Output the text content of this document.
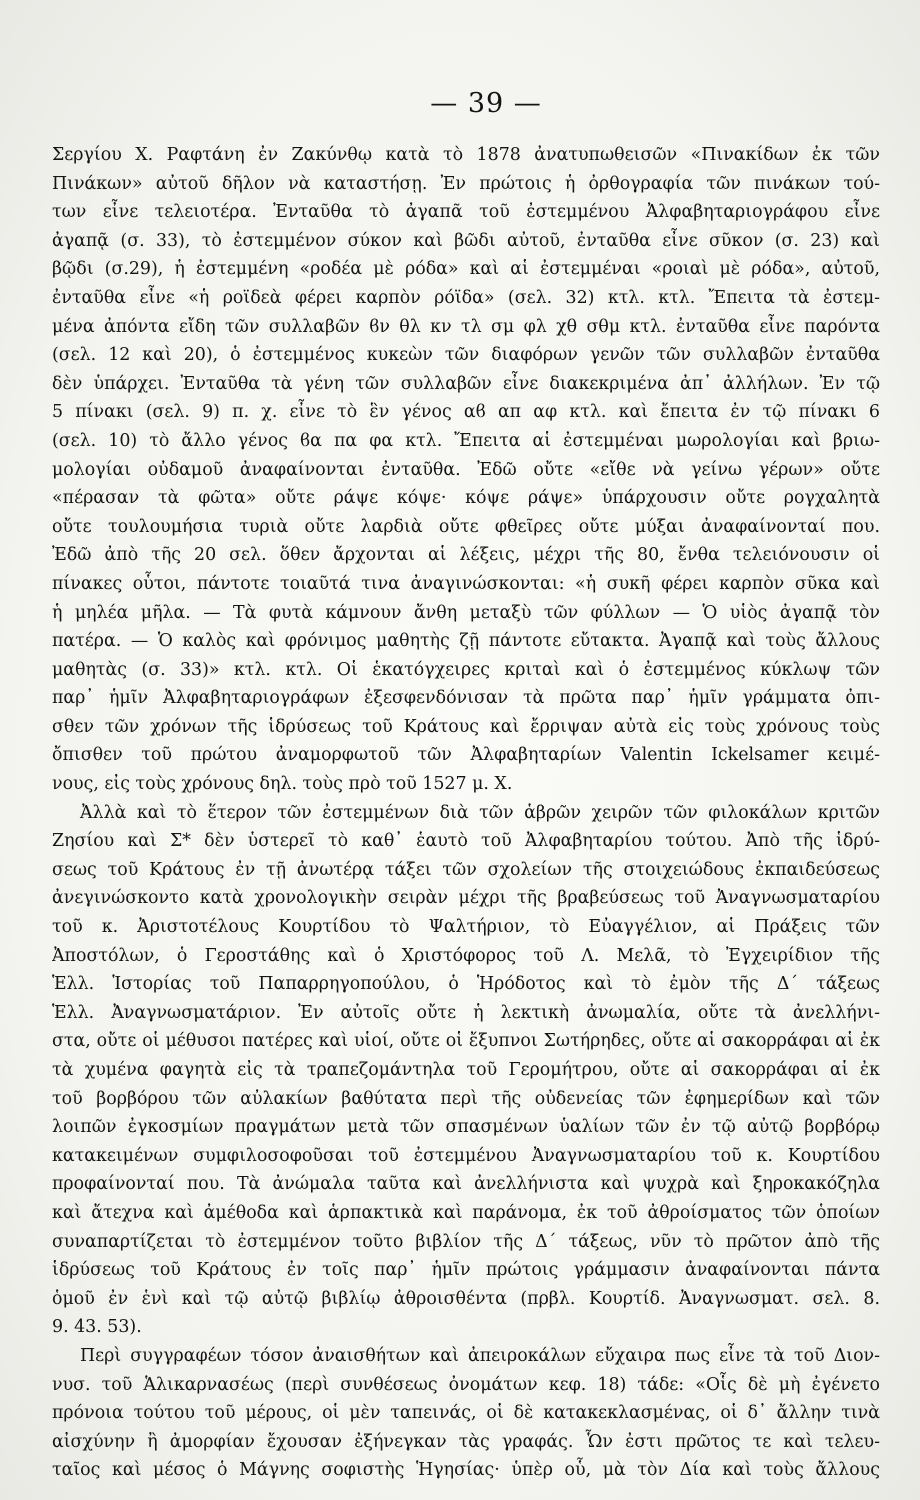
— 39 —
Σεργίου Χ. Ραφτάνη ἐν Ζακύνθῳ κατὰ τὸ 1878 ἀνατυπωθεισῶν «Πινακίδων ἐκ τῶν
Πινάκων» αὐτοῦ δῆλον νὰ καταστήσῃ. Ἐν πρώτοις ἡ ὀρθογραφία τῶν πινάκων τού-
των εἶνε τελειοτέρα. Ἐνταῦθα τὸ ἀγαπᾶ τοῦ ἐστεμμένου Ἀλφαβηταριογράφου εἶνε
ἀγαπᾷ (σ. 33), τὸ ἐστεμμένον σύκον καὶ βῶδι αὐτοῦ, ἐνταῦθα εἶνε σῦκον (σ. 23) καὶ
βῷδι (σ.29), ἡ ἐστεμμένη «ροδέα μὲ ρόδα» καὶ αἱ ἐστεμμέναι «ροιαὶ μὲ ρόδα», αὐτοῦ,
ἐνταῦθα εἶνε «ἡ ροϊδεὰ φέρει καρπὸν ρόϊδα» (σελ. 32) κτλ. κτλ. Ἔπειτα τὰ ἐστεμ-
μένα ἀπόντα εἴδη τῶν συλλαβῶν ϐν θλ κν τλ σμ φλ χθ σθμ κτλ. ἐνταῦθα εἶνε παρόντα
(σελ. 12 καὶ 20), ὁ ἐστεμμένος κυκεὼν τῶν διαφόρων γενῶν τῶν συλλαβῶν ἐνταῦθα
δὲν ὑπάρχει. Ἐνταῦθα τὰ γένη τῶν συλλαβῶν εἶνε διακεκριμένα ἀπ᾽ ἀλλήλων. Ἐν τῷ
5 πίνακι (σελ. 9) π. χ. εἶνε τὸ ἓν γένος αϐ απ αφ κτλ. καὶ ἔπειτα ἐν τῷ πίνακι 6
(σελ. 10) τὸ ἄλλο γένος ϐα πα φα κτλ. Ἔπειτα αἱ ἐστεμμέναι μωρολογίαι καὶ βριω-
μολογίαι οὐδαμοῦ ἀναφαίνονται ἐνταῦθα. Ἐδῶ οὔτε «εἴθε νὰ γείνω γέρων» οὔτε
«πέρασαν τὰ φῶτα» οὔτε ράψε κόψε· κόψε ράψε» ὑπάρχουσιν οὔτε ρογχαλητὰ
οὔτε τουλουμήσια τυριὰ οὔτε λαρδιὰ οὔτε φθεῖρες οὔτε μύξαι ἀναφαίνονταί που.
Ἐδῶ ἀπὸ τῆς 20 σελ. ὅθεν ἄρχονται αἱ λέξεις, μέχρι τῆς 80, ἔνθα τελειόνουσιν οἱ
πίνακες οὗτοι, πάντοτε τοιαῦτά τινα ἀναγινώσκονται: «ἡ συκῆ φέρει καρπὸν σῦκα καὶ
ἡ μηλέα μῆλα. — Τὰ φυτὰ κάμνουν ἄνθη μεταξὺ τῶν φύλλων — Ὁ υἱὸς ἀγαπᾷ τὸν
πατέρα. — Ὁ καλὸς καὶ φρόνιμος μαθητὴς ζῇ πάντοτε εὔτακτα. Ἀγαπᾷ καὶ τοὺς ἄλλους
μαθητὰς (σ. 33)» κτλ. κτλ. Οἱ ἑκατόγχειρες κριταὶ καὶ ὁ ἐστεμμένος κύκλωψ τῶν
παρ᾽ ἡμῖν Ἀλφαβηταριογράφων ἐξεσφενδόνισαν τὰ πρῶτα παρ᾽ ἡμῖν γράμματα ὀπι-
σθεν τῶν χρόνων τῆς ἱδρύσεως τοῦ Κράτους καὶ ἔρριψαν αὐτὰ εἰς τοὺς χρόνους τοὺς
ὄπισθεν τοῦ πρώτου ἀναμορφωτοῦ τῶν Ἀλφαβηταρίων Valentin Ickelsamer κειμέ-
νους, εἰς τοὺς χρόνους δηλ. τοὺς πρὸ τοῦ 1527 μ. Χ.
Ἀλλὰ καὶ τὸ ἕτερον τῶν ἐστεμμένων διὰ τῶν ἁβρῶν χειρῶν τῶν φιλοκάλων κριτῶν
Ζησίου καὶ Σ* δὲν ὑστερεῖ τὸ καθ᾽ ἑαυτὸ τοῦ Ἀλφαβηταρίου τούτου. Ἀπὸ τῆς ἱδρύ-
σεως τοῦ Κράτους ἐν τῇ ἀνωτέρᾳ τάξει τῶν σχολείων τῆς στοιχειώδους ἐκπαιδεύσεως
ἀνεγινώσκοντο κατὰ χρονολογικὴν σειρὰν μέχρι τῆς βραβεύσεως τοῦ Ἀναγνωσματαρίου
τοῦ κ. Ἀριστοτέλους Κουρτίδου τὸ Ψαλτήριον, τὸ Εὐαγγέλιον, αἱ Πράξεις τῶν
Ἀποστόλων, ὁ Γεροστάθης καὶ ὁ Χριστόφορος τοῦ Λ. Μελᾶ, τὸ Ἐγχειρίδιον τῆς
Ἑλλ. Ἱστορίας τοῦ Παπαρρηγοπούλου, ὁ Ἡρόδοτος καὶ τὸ ἐμὸν τῆς Δ´ τάξεως
Ἑλλ. Ἀναγνωσματάριον. Ἐν αὐτοῖς οὔτε ἡ λεκτικὴ ἀνωμαλία, οὔτε τὰ ἀνελλήνι-
στα, οὔτε οἱ μέθυσοι πατέρες καὶ υἱοί, οὔτε οἱ ἔξυπνοι Σωτήρηδες, οὔτε αἱ σακορράφαι αἱ ἐκ
τὰ χυμένα φαγητὰ εἰς τὰ τραπεζομάντηλα τοῦ Γερομήτρου, οὔτε αἱ σακορράφαι αἱ ἐκ
τοῦ βορβόρου τῶν αὐλακίων βαθύτατα περὶ τῆς οὐδενείας τῶν ἐφημερίδων καὶ τῶν
λοιπῶν ἐγκοσμίων πραγμάτων μετὰ τῶν σπασμένων ὑαλίων τῶν ἐν τῷ αὐτῷ βορβόρῳ
κατακειμένων συμφιλοσοφοῦσαι τοῦ ἐστεμμένου Ἀναγνωσματαρίου τοῦ κ. Κουρτίδου
προφαίνονταί που. Τὰ ἀνώμαλα ταῦτα καὶ ἀνελλήνιστα καὶ ψυχρὰ καὶ ξηροκακόζηλα
καὶ ἄτεχνα καὶ ἀμέθοδα καὶ ἁρπακτικὰ καὶ παράνομα, ἐκ τοῦ ἀθροίσματος τῶν ὁποίων
συναπαρτίζεται τὸ ἐστεμμένον τοῦτο βιβλίον τῆς Δ´ τάξεως, νῦν τὸ πρῶτον ἀπὸ τῆς
ἱδρύσεως τοῦ Κράτους ἐν τοῖς παρ᾽ ἡμῖν πρώτοις γράμμασιν ἀναφαίνονται πάντα
ὁμοῦ ἐν ἑνὶ καὶ τῷ αὐτῷ βιβλίῳ ἀθροισθέντα (πρβλ. Κουρτίδ. Ἀναγνωσματ. σελ. 8.
9. 43. 53).
Περὶ συγγραφέων τόσον ἀναισθήτων καὶ ἀπειροκάλων εὔχαιρα πως εἶνε τὰ τοῦ Διον-
νυσ. τοῦ Ἁλικαρνασέως (περὶ συνθέσεως ὀνομάτων κεφ. 18) τάδε: «Οἷς δὲ μὴ ἐγένετο
πρόνοια τούτου τοῦ μέρους, οἱ μὲν ταπεινάς, οἱ δὲ κατακεκλασμένας, οἱ δ᾽ ἄλλην τινὰ
αἰσχύνην ἢ ἀμορφίαν ἔχουσαν ἐξήνεγκαν τὰς γραφάς. Ὧν ἐστι πρῶτος τε καὶ τελευ-
ταῖος καὶ μέσος ὁ Μάγνης σοφιστὴς Ἡγησίας· ὑπὲρ οὗ, μὰ τὸν Δία καὶ τοὺς ἄλλους
